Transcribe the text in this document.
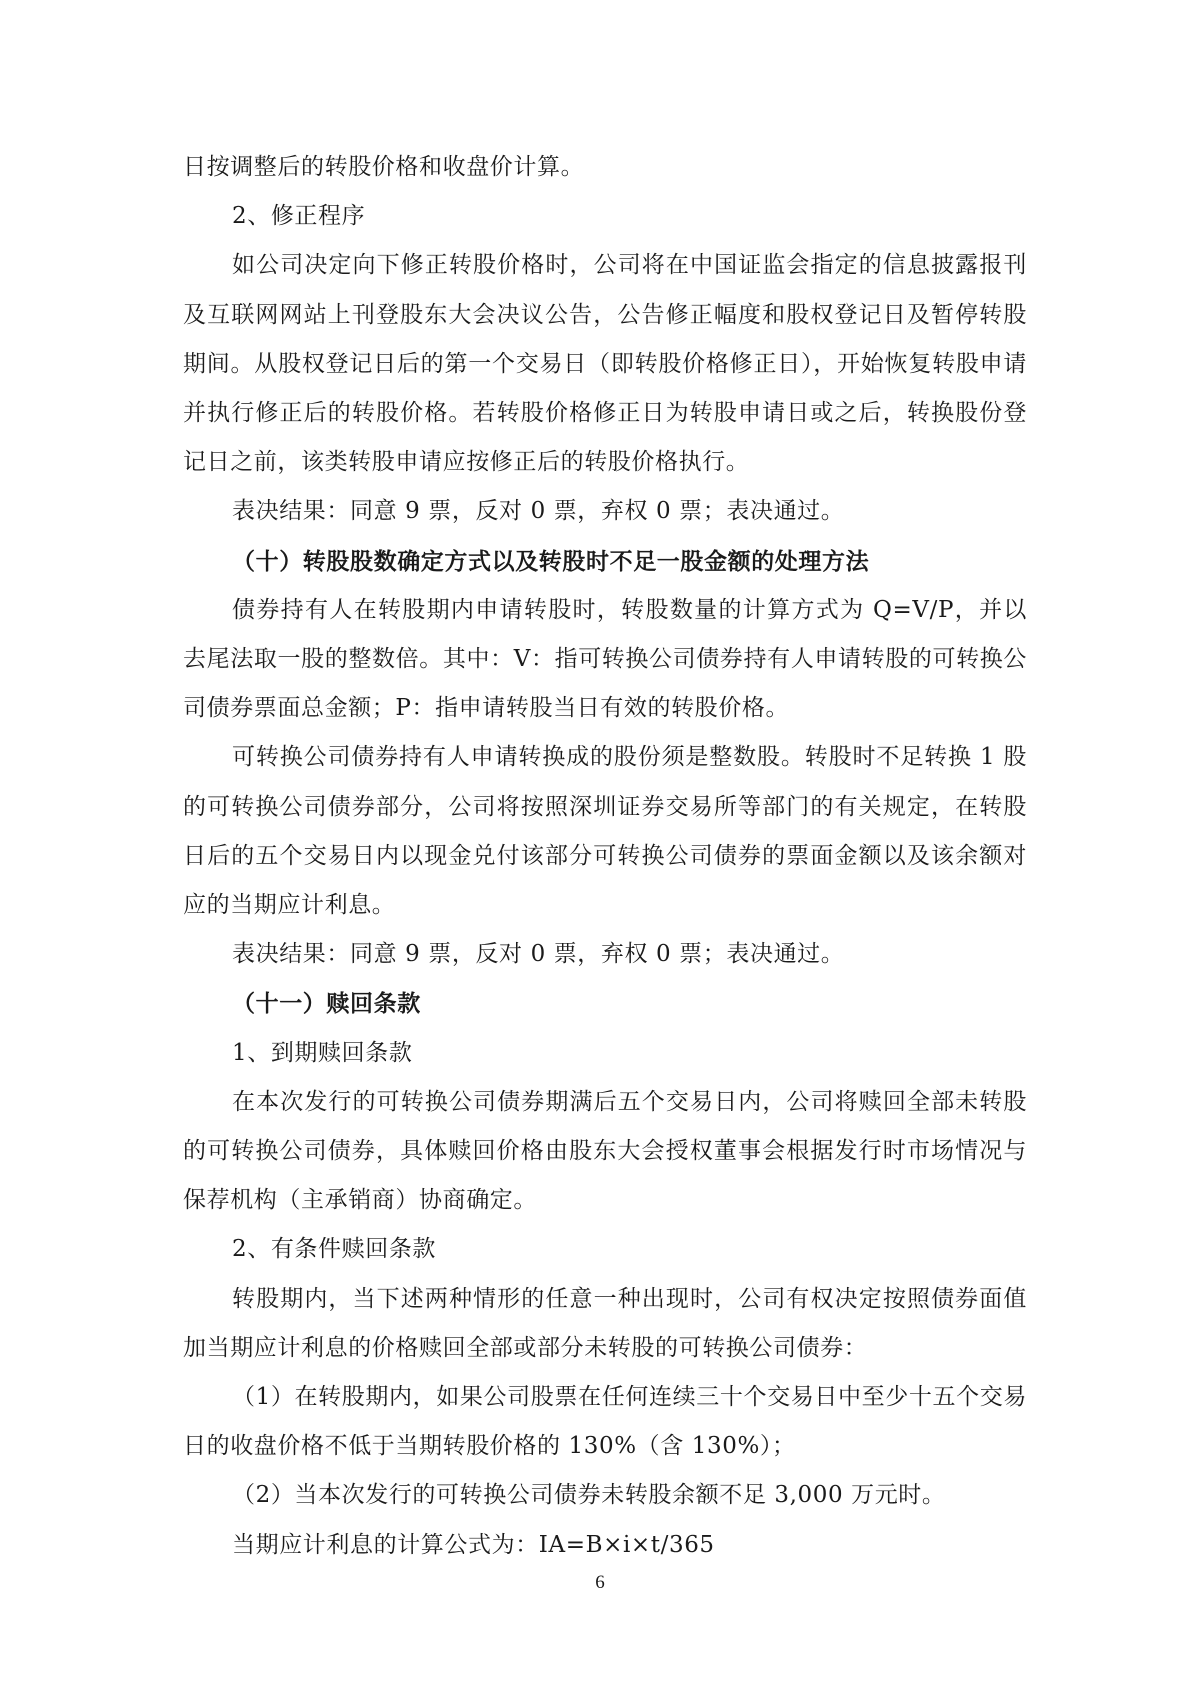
日按调整后的转股价格和收盘价计算。

2、修正程序

如公司决定向下修正转股价格时，公司将在中国证监会指定的信息披露报刊及互联网网站上刊登股东大会决议公告，公告修正幅度和股权登记日及暂停转股期间。从股权登记日后的第一个交易日（即转股价格修正日），开始恢复转股申请并执行修正后的转股价格。若转股价格修正日为转股申请日或之后，转换股份登记日之前，该类转股申请应按修正后的转股价格执行。

表决结果：同意 9 票，反对 0 票，弃权 0 票；表决通过。

（十）转股股数确定方式以及转股时不足一股金额的处理方法

债券持有人在转股期内申请转股时，转股数量的计算方式为 Q=V/P，并以去尾法取一股的整数倍。其中：V：指可转换公司债券持有人申请转股的可转换公司债券票面总金额；P：指申请转股当日有效的转股价格。

可转换公司债券持有人申请转换成的股份须是整数股。转股时不足转换 1 股的可转换公司债券部分，公司将按照深圳证券交易所等部门的有关规定，在转股日后的五个交易日内以现金兑付该部分可转换公司债券的票面金额以及该余额对应的当期应计利息。

表决结果：同意 9 票，反对 0 票，弃权 0 票；表决通过。

（十一）赎回条款

1、到期赎回条款

在本次发行的可转换公司债券期满后五个交易日内，公司将赎回全部未转股的可转换公司债券，具体赎回价格由股东大会授权董事会根据发行时市场情况与保荐机构（主承销商）协商确定。

2、有条件赎回条款

转股期内，当下述两种情形的任意一种出现时，公司有权决定按照债券面值加当期应计利息的价格赎回全部或部分未转股的可转换公司债券：

（1）在转股期内，如果公司股票在任何连续三十个交易日中至少十五个交易日的收盘价格不低于当期转股价格的 130%（含 130%）；

（2）当本次发行的可转换公司债券未转股余额不足 3,000 万元时。

当期应计利息的计算公式为：IA=B×i×t/365

6
